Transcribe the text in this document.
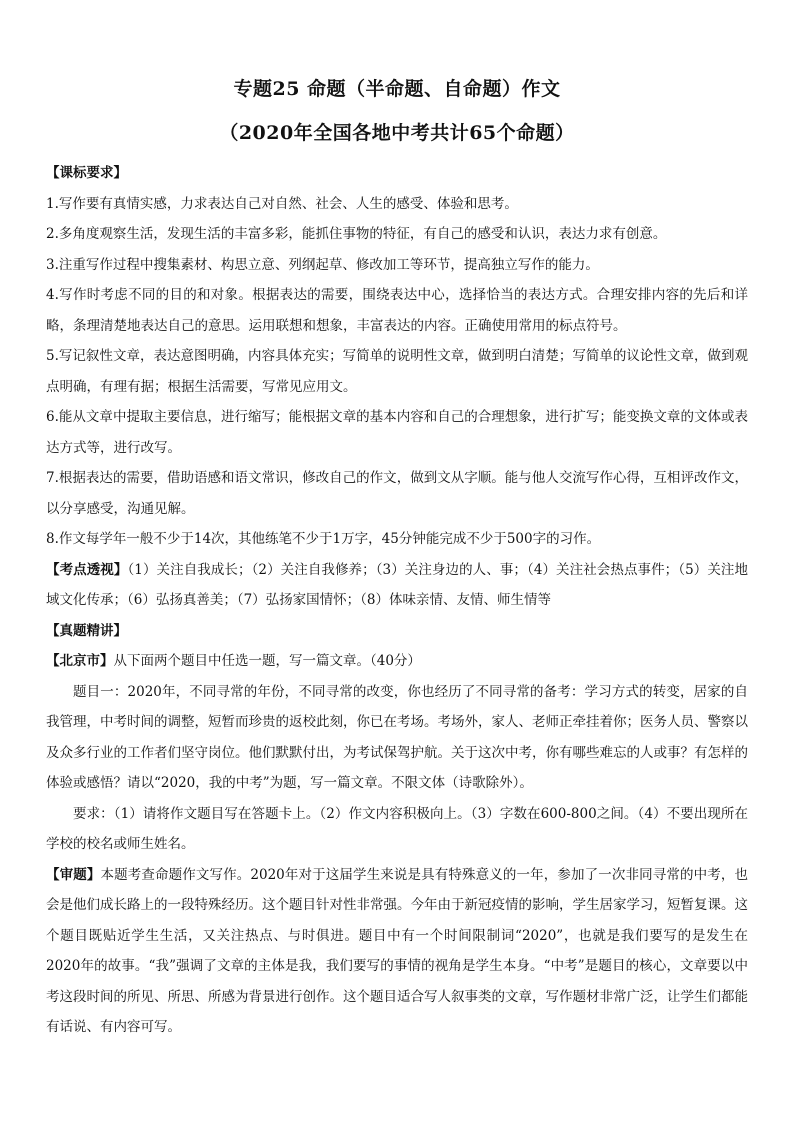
专题25 命题（半命题、自命题）作文
（2020年全国各地中考共计65个命题）

【课标要求】

1.写作要有真情实感，力求表达自己对自然、社会、人生的感受、体验和思考。

2.多角度观察生活，发现生活的丰富多彩，能抓住事物的特征，有自己的感受和认识，表达力求有创意。

3.注重写作过程中搜集素材、构思立意、列纲起草、修改加工等环节，提高独立写作的能力。

4.写作时考虑不同的目的和对象。根据表达的需要，围绕表达中心，选择恰当的表达方式。合理安排内容的先后和详略，条理清楚地表达自己的意思。运用联想和想象，丰富表达的内容。正确使用常用的标点符号。

5.写记叙性文章，表达意图明确，内容具体充实；写简单的说明性文章，做到明白清楚；写简单的议论性文章，做到观点明确，有理有据；根据生活需要，写常见应用文。

6.能从文章中提取主要信息，进行缩写；能根据文章的基本内容和自己的合理想象，进行扩写；能变换文章的文体或表达方式等，进行改写。

7.根据表达的需要，借助语感和语文常识，修改自己的作文，做到文从字顺。能与他人交流写作心得，互相评改作文，以分享感受，沟通见解。

8.作文每学年一般不少于14次，其他练笔不少于1万字，45分钟能完成不少于500字的习作。

【考点透视】（1）关注自我成长；（2）关注自我修养；（3）关注身边的人、事；（4）关注社会热点事件；（5）关注地域文化传承；（6）弘扬真善美；（7）弘扬家国情怀；（8）体味亲情、友情、师生情等

【真题精讲】

【北京市】从下面两个题目中任选一题，写一篇文章。（40分）

题目一：2020年，不同寻常的年份，不同寻常的改变，你也经历了不同寻常的备考：学习方式的转变，居家的自我管理，中考时间的调整，短暂而珍贵的返校此刻，你已在考场。考场外，家人、老师正牵挂着你；医务人员、警察以及众多行业的工作者们坚守岗位。他们默默付出，为考试保驾护航。关于这次中考，你有哪些难忘的人或事？有怎样的体验或感悟？请以“2020，我的中考”为题，写一篇文章。不限文体（诗歌除外）。

要求：（1）请将作文题目写在答题卡上。（2）作文内容积极向上。（3）字数在600-800之间。（4）不要出现所在学校的校名或师生姓名。

【审题】本题考查命题作文写作。2020年对于这届学生来说是具有特殊意义的一年，参加了一次非同寻常的中考，也会是他们成长路上的一段特殊经历。这个题目针对性非常强。今年由于新冠疫情的影响，学生居家学习，短暂复课。这个题目既贴近学生生活，又关注热点、与时俱进。题目中有一个时间限制词“2020”，也就是我们要写的是发生在2020年的故事。“我”强调了文章的主体是我，我们要写的事情的视角是学生本身。“中考”是题目的核心，文章要以中考这段时间的所见、所思、所感为背景进行创作。这个题目适合写人叙事类的文章，写作题材非常广泛，让学生们都能有话说、有内容可写。
